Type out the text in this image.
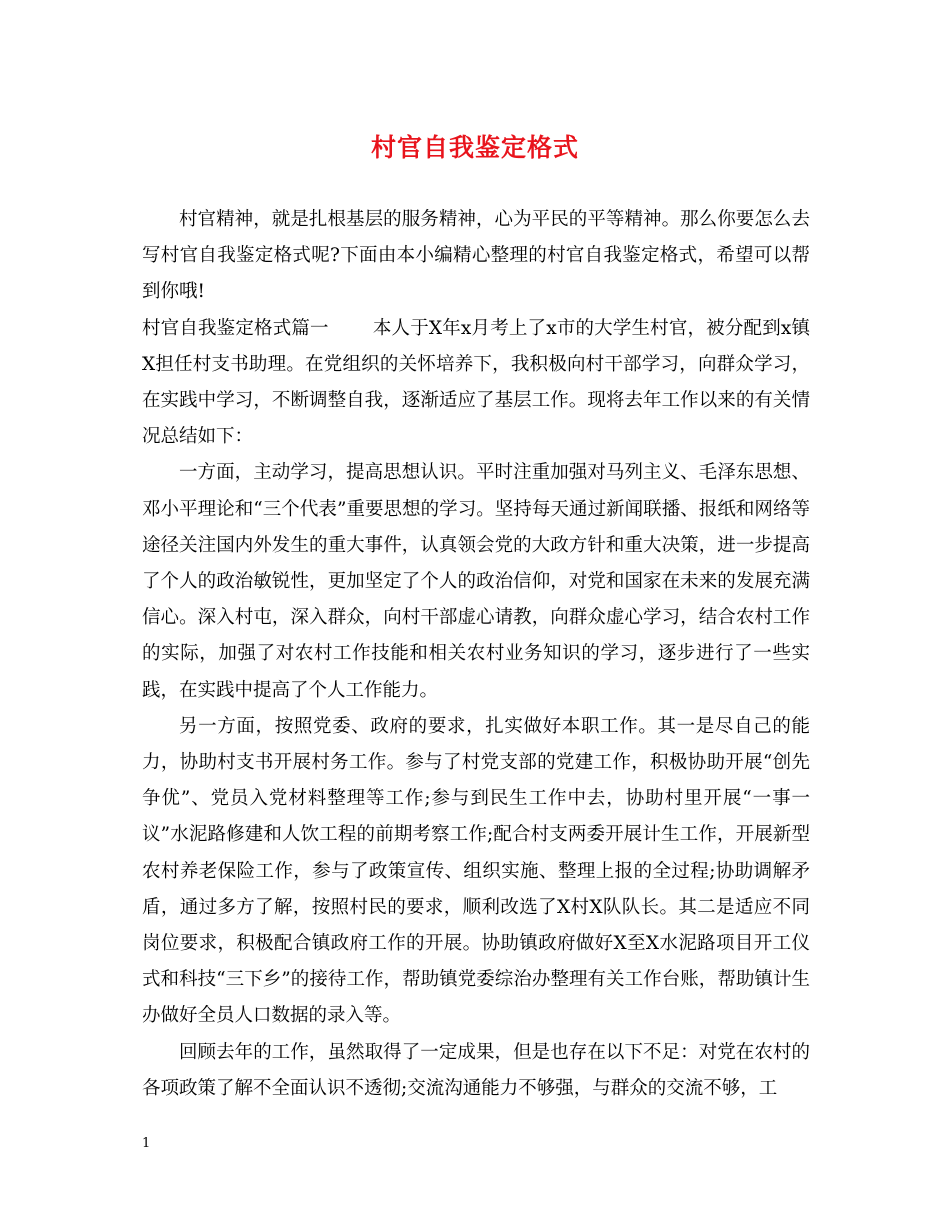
村官自我鉴定格式

村官精神，就是扎根基层的服务精神，心为平民的平等精神。那么你要怎么去写村官自我鉴定格式呢?下面由本小编精心整理的村官自我鉴定格式，希望可以帮到你哦!

村官自我鉴定格式篇一 本人于X年x月考上了x市的大学生村官，被分配到x镇X担任村支书助理。在党组织的关怀培养下，我积极向村干部学习，向群众学习，在实践中学习，不断调整自我，逐渐适应了基层工作。现将去年工作以来的有关情况总结如下：

一方面，主动学习，提高思想认识。平时注重加强对马列主义、毛泽东思想、邓小平理论和“三个代表”重要思想的学习。坚持每天通过新闻联播、报纸和网络等途径关注国内外发生的重大事件，认真领会党的大政方针和重大决策，进一步提高了个人的政治敏锐性，更加坚定了个人的政治信仰，对党和国家在未来的发展充满信心。深入村屯，深入群众，向村干部虚心请教，向群众虚心学习，结合农村工作的实际，加强了对农村工作技能和相关农村业务知识的学习，逐步进行了一些实践，在实践中提高了个人工作能力。

另一方面，按照党委、政府的要求，扎实做好本职工作。其一是尽自己的能力，协助村支书开展村务工作。参与了村党支部的党建工作，积极协助开展“创先争优”、党员入党材料整理等工作;参与到民生工作中去，协助村里开展“一事一议”水泥路修建和人饮工程的前期考察工作;配合村支两委开展计生工作，开展新型农村养老保险工作，参与了政策宣传、组织实施、整理上报的全过程;协助调解矛盾，通过多方了解，按照村民的要求，顺利改选了X村X队队长。其二是适应不同岗位要求，积极配合镇政府工作的开展。协助镇政府做好X至X水泥路项目开工仪式和科技“三下乡”的接待工作，帮助镇党委综治办整理有关工作台账，帮助镇计生办做好全员人口数据的录入等。

回顾去年的工作，虽然取得了一定成果，但是也存在以下不足：对党在农村的各项政策了解不全面认识不透彻;交流沟通能力不够强，与群众的交流不够，工

1
